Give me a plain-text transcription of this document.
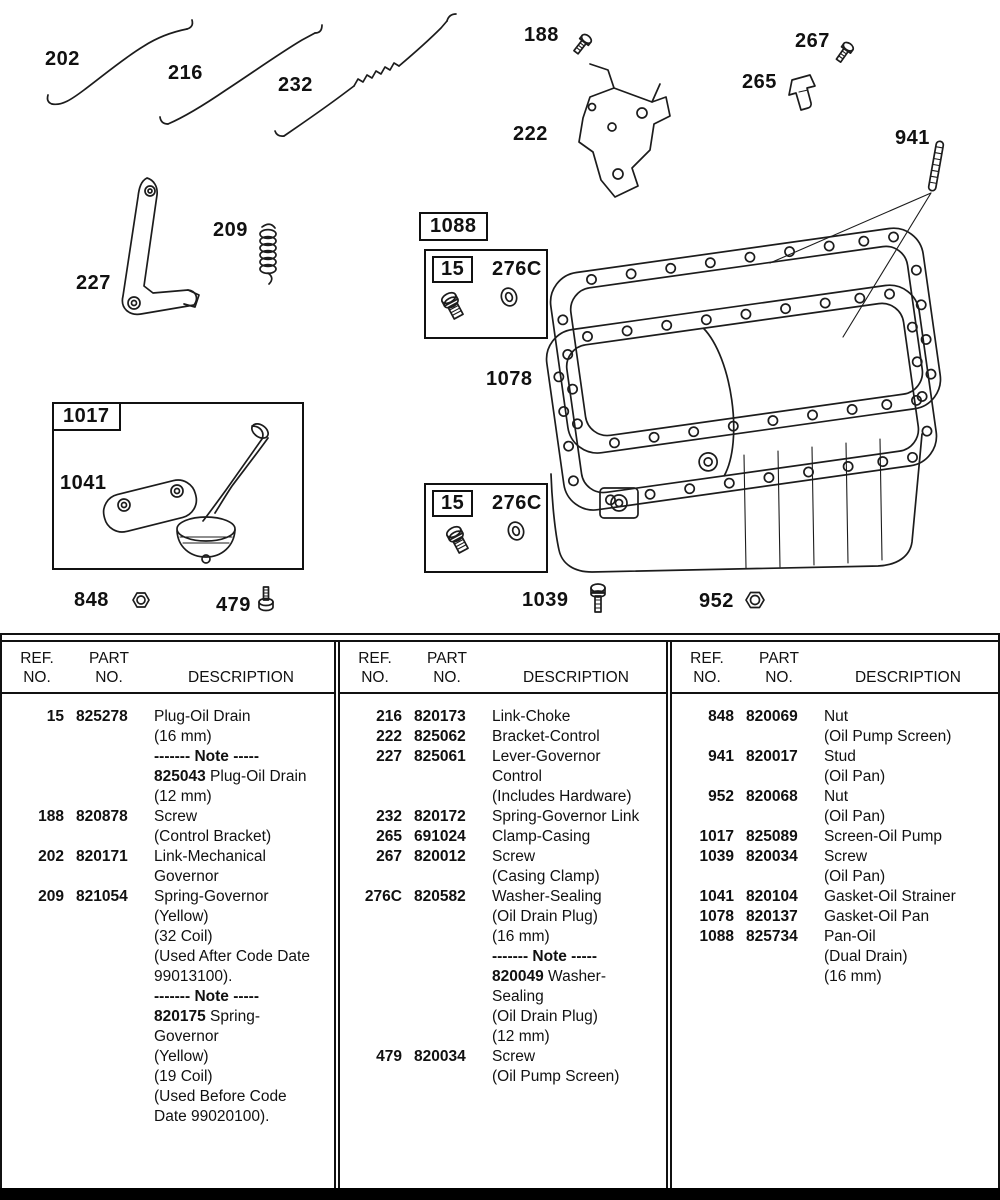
202
216
232
188	267
265
222	941
209
227
1078
1041
848	479	1039	952
1088
1017
15	276C
15	276C
REF.
NO.
PART
NO.
	DESCRIPTION
15 825278	Plug-Oil Drain
(16 mm)
------- Note -----
825043 Plug-Oil Drain
(12 mm)
188 820878	Screw
(Control Bracket)
202 820171	Link-Mechanical
Governor
209 821054	Spring-Governor
(Yellow)
(32 Coil)
(Used After Code Date
99013100).
------- Note -----
820175 Spring-
Governor
(Yellow)
(19 Coil)
(Used Before Code
Date 99020100).
REF.
NO.
PART
NO.
	DESCRIPTION
216 820173	Link-Choke
222 825062	Bracket-Control
227 825061	Lever-Governor
Control
(Includes Hardware)
232 820172	Spring-Governor Link
265 691024	Clamp-Casing
267 820012	Screw
(Casing Clamp)
276C 820582	Washer-Sealing
(Oil Drain Plug)
(16 mm)
------- Note -----
820049 Washer-
Sealing
(Oil Drain Plug)
(12 mm)
479 820034	Screw
(Oil Pump Screen)
REF.
NO.
PART
NO.
	DESCRIPTION
848 820069	Nut
(Oil Pump Screen)
941 820017	Stud
(Oil Pan)
952 820068	Nut
(Oil Pan)
1017 825089	Screen-Oil Pump
1039 820034	Screw
(Oil Pan)
1041 820104	Gasket-Oil Strainer
1078 820137	Gasket-Oil Pan
1088 825734	Pan-Oil
(Dual Drain)
(16 mm)
